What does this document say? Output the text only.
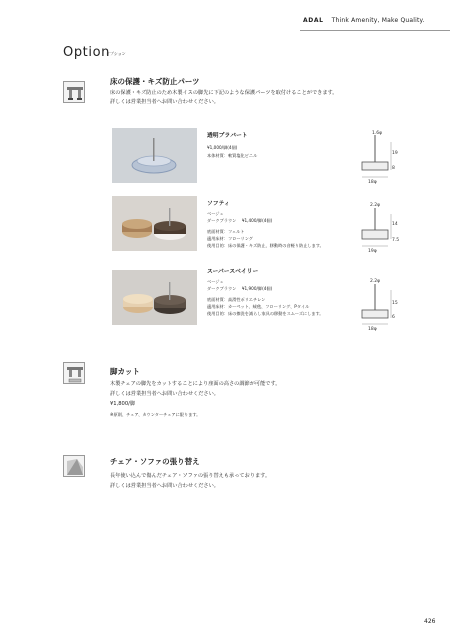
ADAL Think Amenity, Make Quality.
Option
オプション
床の保護・キズ防止パーツ
床の保護・キズ防止のため木製イスの脚先に下記のような保護パーツを取付けることができます。
詳しくは営業担当者へお問い合わせください。
透明プラバート
¥1,000/脚(4個)
本体材質：軟質塩化ビニル
1.6φ
19
8
18φ
ソフティ
ベージュ
ダークブラウン　 ¥1,400/脚(4個)
底面材質：フェルト
適用床材：フローリング
使用目的：床の保護・キズ防止、移動時の音軽り防止します。
2.2φ
14
7.5
19φ
スーパースベイリー
ベージュ
ダークブラウン　 ¥1,900/脚(4個)
底面材質：高滑性ポリエチレン
適用床材：カーペット、絨毯、フローリング、Pタイル
使用目的：床の擦洗を減らし家具の移動をスムーズにします。
2.2φ
15
6
18φ
脚カット
木製チェアの脚先をカットすることにより座面の高さの調節が可能です。
詳しくは営業担当者へお問い合わせください。
¥1,800/脚
※原則、チェア、カウンターチェアに限ります。
チェア・ソファの張り替え
長年使い込んで傷んだチェア・ソファの張り替えも承っております。
詳しくは営業担当者へお問い合わせください。
426
